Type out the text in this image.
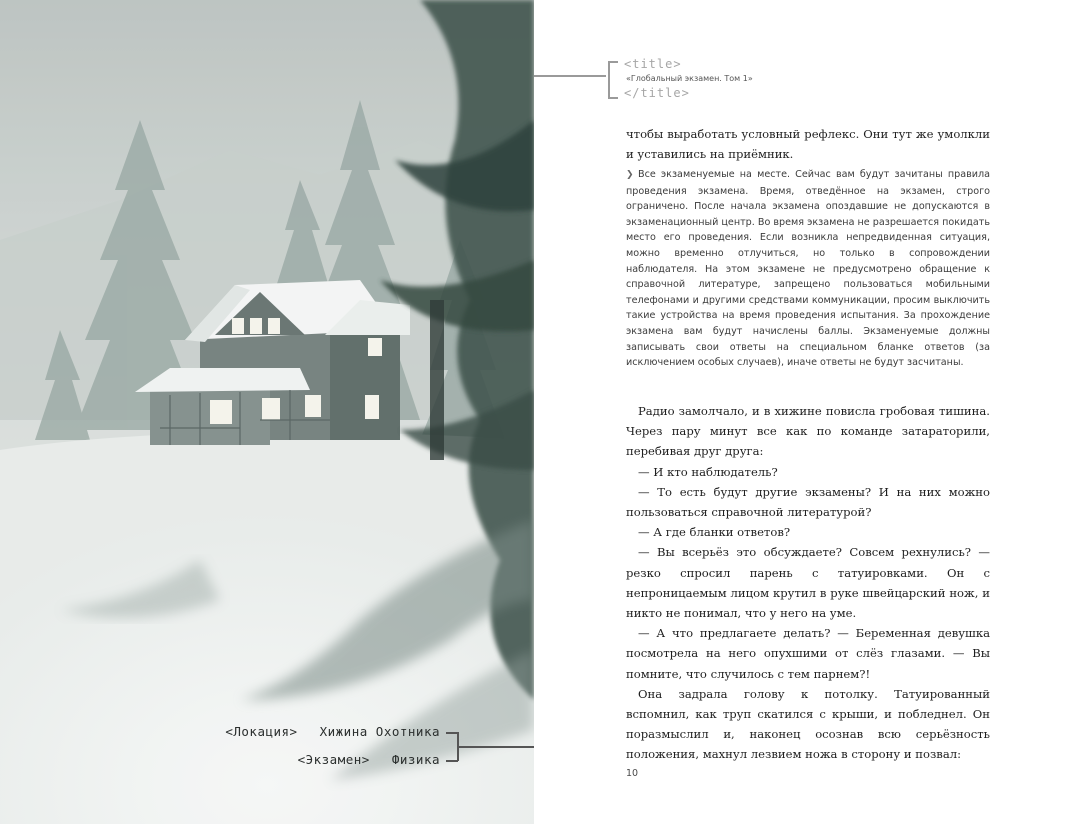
<Локация> Хижина Охотника
<Экзамен> Физика
<title>
«Глобальный экзамен. Том 1»
</title>

чтобы выработать условный рефлекс. Они тут же умолкли и уставились на приёмник.

❯ Все экзаменуемые на месте. Сейчас вам будут зачитаны правила проведения экзамена. Время, отведённое на экзамен, строго ограничено. После начала экзамена опоздавшие не допускаются в экзаменационный центр. Во время экзамена не разрешается покидать место его проведения. Если возникла непредвиденная ситуация, можно временно отлучиться, но только в сопровождении наблюдателя. На этом экзамене не предусмотрено обращение к справочной литературе, запрещено пользоваться мобильными телефонами и другими средствами коммуникации, просим выключить такие устройства на время проведения испытания. За прохождение экзамена вам будут начислены баллы. Экзаменуемые должны записывать свои ответы на специальном бланке ответов (за исключением особых случаев), иначе ответы не будут засчитаны.

Радио замолчало, и в хижине повисла гробовая тишина. Через пару минут все как по команде затараторили, перебивая друг друга:

— И кто наблюдатель?

— То есть будут другие экзамены? И на них можно пользоваться справочной литературой?

— А где бланки ответов?

— Вы всерьёз это обсуждаете? Совсем рехнулись? — резко спросил парень с татуировками. Он с непроницаемым лицом крутил в руке швейцарский нож, и никто не понимал, что у него на уме.

— А что предлагаете делать? — Беременная девушка посмотрела на него опухшими от слёз глазами. — Вы помните, что случилось с тем парнем?!

Она задрала голову к потолку. Татуированный вспомнил, как труп скатился с крыши, и побледнел. Он поразмыслил и, наконец осознав всю серьёзность положения, махнул лезвием ножа в сторону и позвал:

10
